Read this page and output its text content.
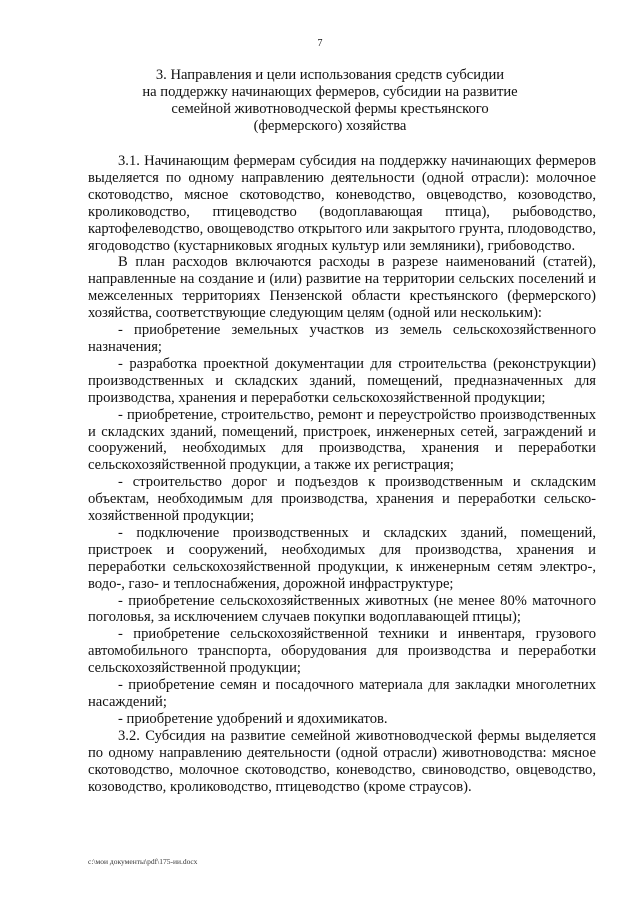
7
3. Направления и цели использования средств субсидии
на поддержку начинающих фермеров, субсидии на развитие
семейной животноводческой фермы крестьянского
(фермерского) хозяйства

3.1. Начинающим фермерам субсидия на поддержку начинающих фермеров выделяется по одному направлению деятельности (одной отрасли): молочное скотоводство, мясное скотоводство, коневодство, овцеводство, козоводство, кролиководство, птицеводство (водоплавающая птица), рыбоводство, картофелеводство, овощеводство открытого или закрытого грунта, плодоводство, ягодоводство (кустарниковых ягодных культур или земляники), грибоводство.

В план расходов включаются расходы в разрезе наименований (статей), направленные на создание и (или) развитие на территории сельских поселений и межселенных территориях Пензенской области крестьянского (фермерского) хозяйства, соответствующие следующим целям (одной или нескольким):

- приобретение земельных участков из земель сельскохозяйственного назначения;

- разработка проектной документации для строительства (реконструкции) производственных и складских зданий, помещений, предназначенных для производства, хранения и переработки сельскохозяйственной продукции;

- приобретение, строительство, ремонт и переустройство производственных и складских зданий, помещений, пристроек, инженерных сетей, заграждений и сооружений, необходимых для производства, хранения и переработки сельскохозяйственной продукции, а также их регистрация;

- строительство дорог и подъездов к производственным и складским объектам, необходимым для производства, хранения и переработки сельскохозяйственной продукции;

- подключение производственных и складских зданий, помещений, пристроек и сооружений, необходимых для производства, хранения и переработки сельскохозяйственной продукции, к инженерным сетям электро-, водо-, газо- и теплоснабжения, дорожной инфраструктуре;

- приобретение сельскохозяйственных животных (не менее 80% маточного поголовья, за исключением случаев покупки водоплавающей птицы);

- приобретение сельскохозяйственной техники и инвентаря, грузового автомобильного транспорта, оборудования для производства и переработки сельскохозяйственной продукции;

- приобретение семян и посадочного материала для закладки многолетних насаждений;

- приобретение удобрений и ядохимикатов.

3.2. Субсидия на развитие семейной животноводческой фермы выделяется по одному направлению деятельности (одной отрасли) животноводства: мясное скотоводство, молочное скотоводство, коневодство, свиноводство, овцеводство, козоводство, кролиководство, птицеводство (кроме страусов).

c:\мои документы\pdf\175-ии.docx
